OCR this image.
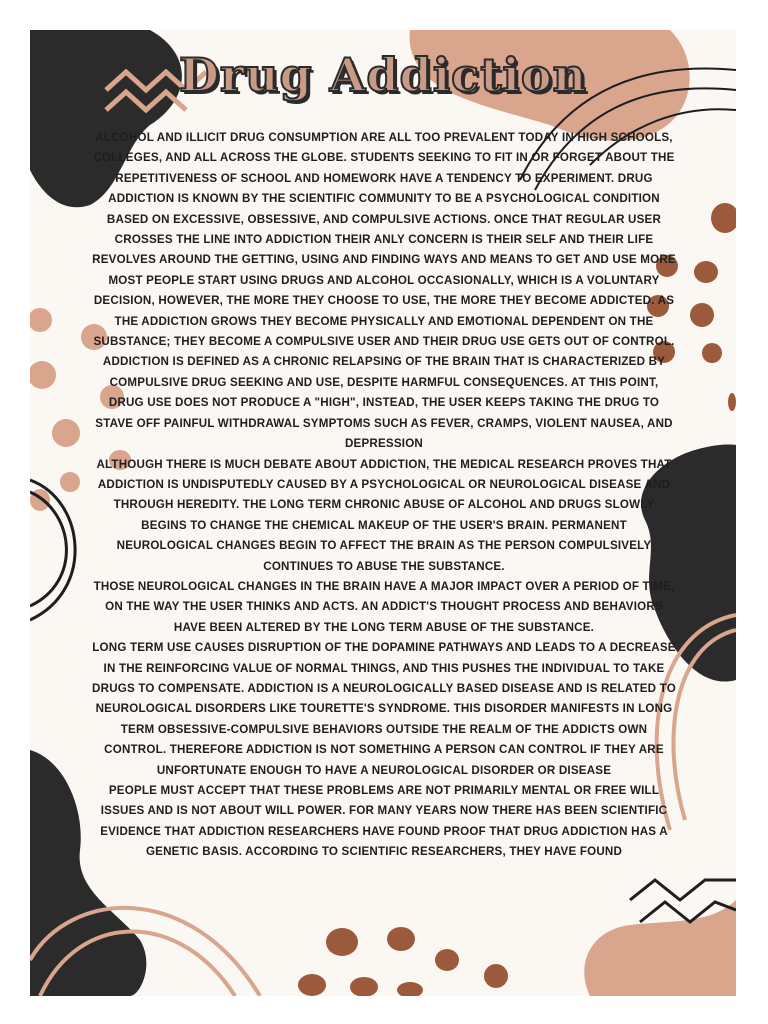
Drug Addiction

ALCOHOL AND ILLICIT DRUG CONSUMPTION ARE ALL TOO PREVALENT TODAY IN HIGH SCHOOLS, COLLEGES, AND ALL ACROSS THE GLOBE. STUDENTS SEEKING TO FIT IN OR FORGET ABOUT THE REPETITIVENESS OF SCHOOL AND HOMEWORK HAVE A TENDENCY TO EXPERIMENT. DRUG ADDICTION IS KNOWN BY THE SCIENTIFIC COMMUNITY TO BE A PSYCHOLOGICAL CONDITION BASED ON EXCESSIVE, OBSESSIVE, AND COMPULSIVE ACTIONS. ONCE THAT REGULAR USER CROSSES THE LINE INTO ADDICTION THEIR ANLY CONCERN IS THEIR SELF AND THEIR LIFE REVOLVES AROUND THE GETTING, USING AND FINDING WAYS AND MEANS TO GET AND USE MORE

MOST PEOPLE START USING DRUGS AND ALCOHOL OCCASIONALLY, WHICH IS A VOLUNTARY DECISION, HOWEVER, THE MORE THEY CHOOSE TO USE, THE MORE THEY BECOME ADDICTED. AS THE ADDICTION GROWS THEY BECOME PHYSICALLY AND EMOTIONAL DEPENDENT ON THE SUBSTANCE; THEY BECOME A COMPULSIVE USER AND THEIR DRUG USE GETS OUT OF CONTROL. ADDICTION IS DEFINED AS A CHRONIC RELAPSING OF THE BRAIN THAT IS CHARACTERIZED BY COMPULSIVE DRUG SEEKING AND USE, DESPITE HARMFUL CONSEQUENCES. AT THIS POINT, DRUG USE DOES NOT PRODUCE A "HIGH", INSTEAD, THE USER KEEPS TAKING THE DRUG TO STAVE OFF PAINFUL WITHDRAWAL SYMPTOMS SUCH AS FEVER, CRAMPS, VIOLENT NAUSEA, AND DEPRESSION

ALTHOUGH THERE IS MUCH DEBATE ABOUT ADDICTION, THE MEDICAL RESEARCH PROVES THAT ADDICTION IS UNDISPUTEDLY CAUSED BY A PSYCHOLOGICAL OR NEUROLOGICAL DISEASE AND THROUGH HEREDITY. THE LONG TERM CHRONIC ABUSE OF ALCOHOL AND DRUGS SLOWLY BEGINS TO CHANGE THE CHEMICAL MAKEUP OF THE USER'S BRAIN. PERMANENT NEUROLOGICAL CHANGES BEGIN TO AFFECT THE BRAIN AS THE PERSON COMPULSIVELY CONTINUES TO ABUSE THE SUBSTANCE.

THOSE NEUROLOGICAL CHANGES IN THE BRAIN HAVE A MAJOR IMPACT OVER A PERIOD OF TIME, ON THE WAY THE USER THINKS AND ACTS. AN ADDICT'S THOUGHT PROCESS AND BEHAVIORS HAVE BEEN ALTERED BY THE LONG TERM ABUSE OF THE SUBSTANCE.

LONG TERM USE CAUSES DISRUPTION OF THE DOPAMINE PATHWAYS AND LEADS TO A DECREASE IN THE REINFORCING VALUE OF NORMAL THINGS, AND THIS PUSHES THE INDIVIDUAL TO TAKE DRUGS TO COMPENSATE. ADDICTION IS A NEUROLOGICALLY BASED DISEASE AND IS RELATED TO NEUROLOGICAL DISORDERS LIKE TOURETTE'S SYNDROME. THIS DISORDER MANIFESTS IN LONG TERM OBSESSIVE-COMPULSIVE BEHAVIORS OUTSIDE THE REALM OF THE ADDICTS OWN CONTROL. THEREFORE ADDICTION IS NOT SOMETHING A PERSON CAN CONTROL IF THEY ARE UNFORTUNATE ENOUGH TO HAVE A NEUROLOGICAL DISORDER OR DISEASE

PEOPLE MUST ACCEPT THAT THESE PROBLEMS ARE NOT PRIMARILY MENTAL OR FREE WILL ISSUES AND IS NOT ABOUT WILL POWER. FOR MANY YEARS NOW THERE HAS BEEN SCIENTIFIC EVIDENCE THAT ADDICTION RESEARCHERS HAVE FOUND PROOF THAT DRUG ADDICTION HAS A GENETIC BASIS. ACCORDING TO SCIENTIFIC RESEARCHERS, THEY HAVE FOUND
